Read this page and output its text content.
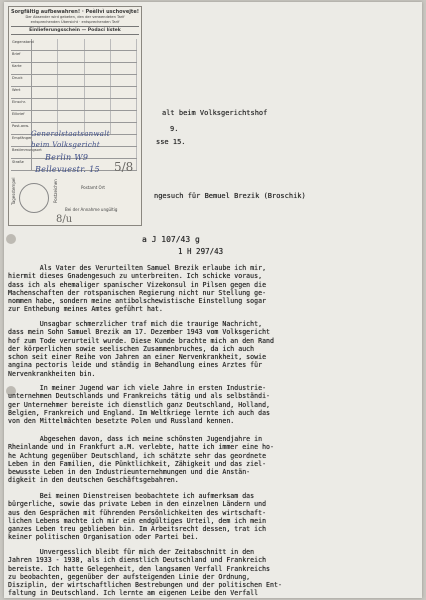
Sorgfältig aufbewahren! · Peèlivì uschovejte!
Der Absender wird gebeten, den der verwendeten Tarif entsprechenden Übersicht · entsprechenden Tarif
Einlieferungsschein — Podací lístek
Gegenstand
Brief
Karte
Druck
Wert
Einschr.
Eilbrief
Post-anw.
Empfänger
Bestimmungsort
Straße
Generalstaatsanwalt
beim Volksgericht
Berlin W9
Bellevuestr. 15
Postamt Ort
Tagesstempel	Postzeichen
Bei der Annahme ungültig
alt beim Volksgerichtshof
9.
sse 15.
5/8
ngesuch für Bemuel Brezik (Broschik)
a J 107/43 g
1 H 297/43
8/u
Als Vater des Verurteilten Samuel Brezik erlaube ich mir,
hiermit dieses Gnadengesuch zu unterbreiten. Ich schicke voraus,
dass ich als ehemaliger spanischer Vizekonsul in Pilsen gegen die
Machenschaften der rotspanischen Regierung nicht nur Stellung ge-
nommen habe, sondern meine antibolschewistische Einstellung sogar
zur Enthebung meines Amtes geführt hat.
Unsagbar schmerzlicher traf mich die traurige Nachricht,
dass mein Sohn Samuel Brezik am 17. Dezember 1943 vom Volksgericht
hof zum Tode verurteilt wurde. Diese Kunde brachte mich an den Rand
der körperlichen sowie seelischen Zusammenbruches, da ich auch
schon seit einer Reihe von Jahren an einer Nervenkrankheit, sowie
angina pectoris leide und ständig in Behandlung eines Arztes für
Nervenkrankheiten bin.
In meiner Jugend war ich viele Jahre in ersten Industrie-
unternehmen Deutschlands und Frankreichs tätig und als selbständi-
ger Unternehmer bereiste ich dienstlich ganz Deutschland, Holland,
Belgien, Frankreich und England. Im Weltkriege lernte ich auch das
von den Mittelmächten besetzte Polen und Russland kennen.
Abgesehen davon, dass ich meine schönsten Jugendjahre in
Rheinlande und in Frankfurt a.M. verlebte, hatte ich immer eine ho-
he Achtung gegenüber Deutschland, ich schätzte sehr das geordnete
Leben in den Familien, die Pünktlichkeit, Zähigkeit und das ziel-
bewusste Leben in den Industrieunternehmungen und die Anstän-
digkeit in den deutschen Geschäftsgebahren.
Bei meinen Dienstreisen beobachtete ich aufmerksam das
bürgerliche, sowie das private Leben in den einzelnen Ländern und
aus den Gesprächen mit führenden Persönlichkeiten des wirtschaft-
lichen Lebens machte ich mir ein endgültiges Urteil, dem ich mein
ganzes Leben treu geblieben bin. Im Arbeitsrecht dessen, trat ich
keiner politischen Organisation oder Partei bei.
Unvergesslich bleibt für mich der Zeitabschnitt in den
Jahren 1933 - 1938, als ich dienstlich Deutschland und Frankreich
bereiste. Ich hatte Gelegenheit, den langsamen Verfall Frankreichs
zu beobachten, gegenüber der aufsteigenden Linie der Ordnung,
Disziplin, der wirtschaftlichen Bestrebungen und der politischen Ent-
faltung in Deutschland. Ich lernte am eigenen Leibe den Verfall
